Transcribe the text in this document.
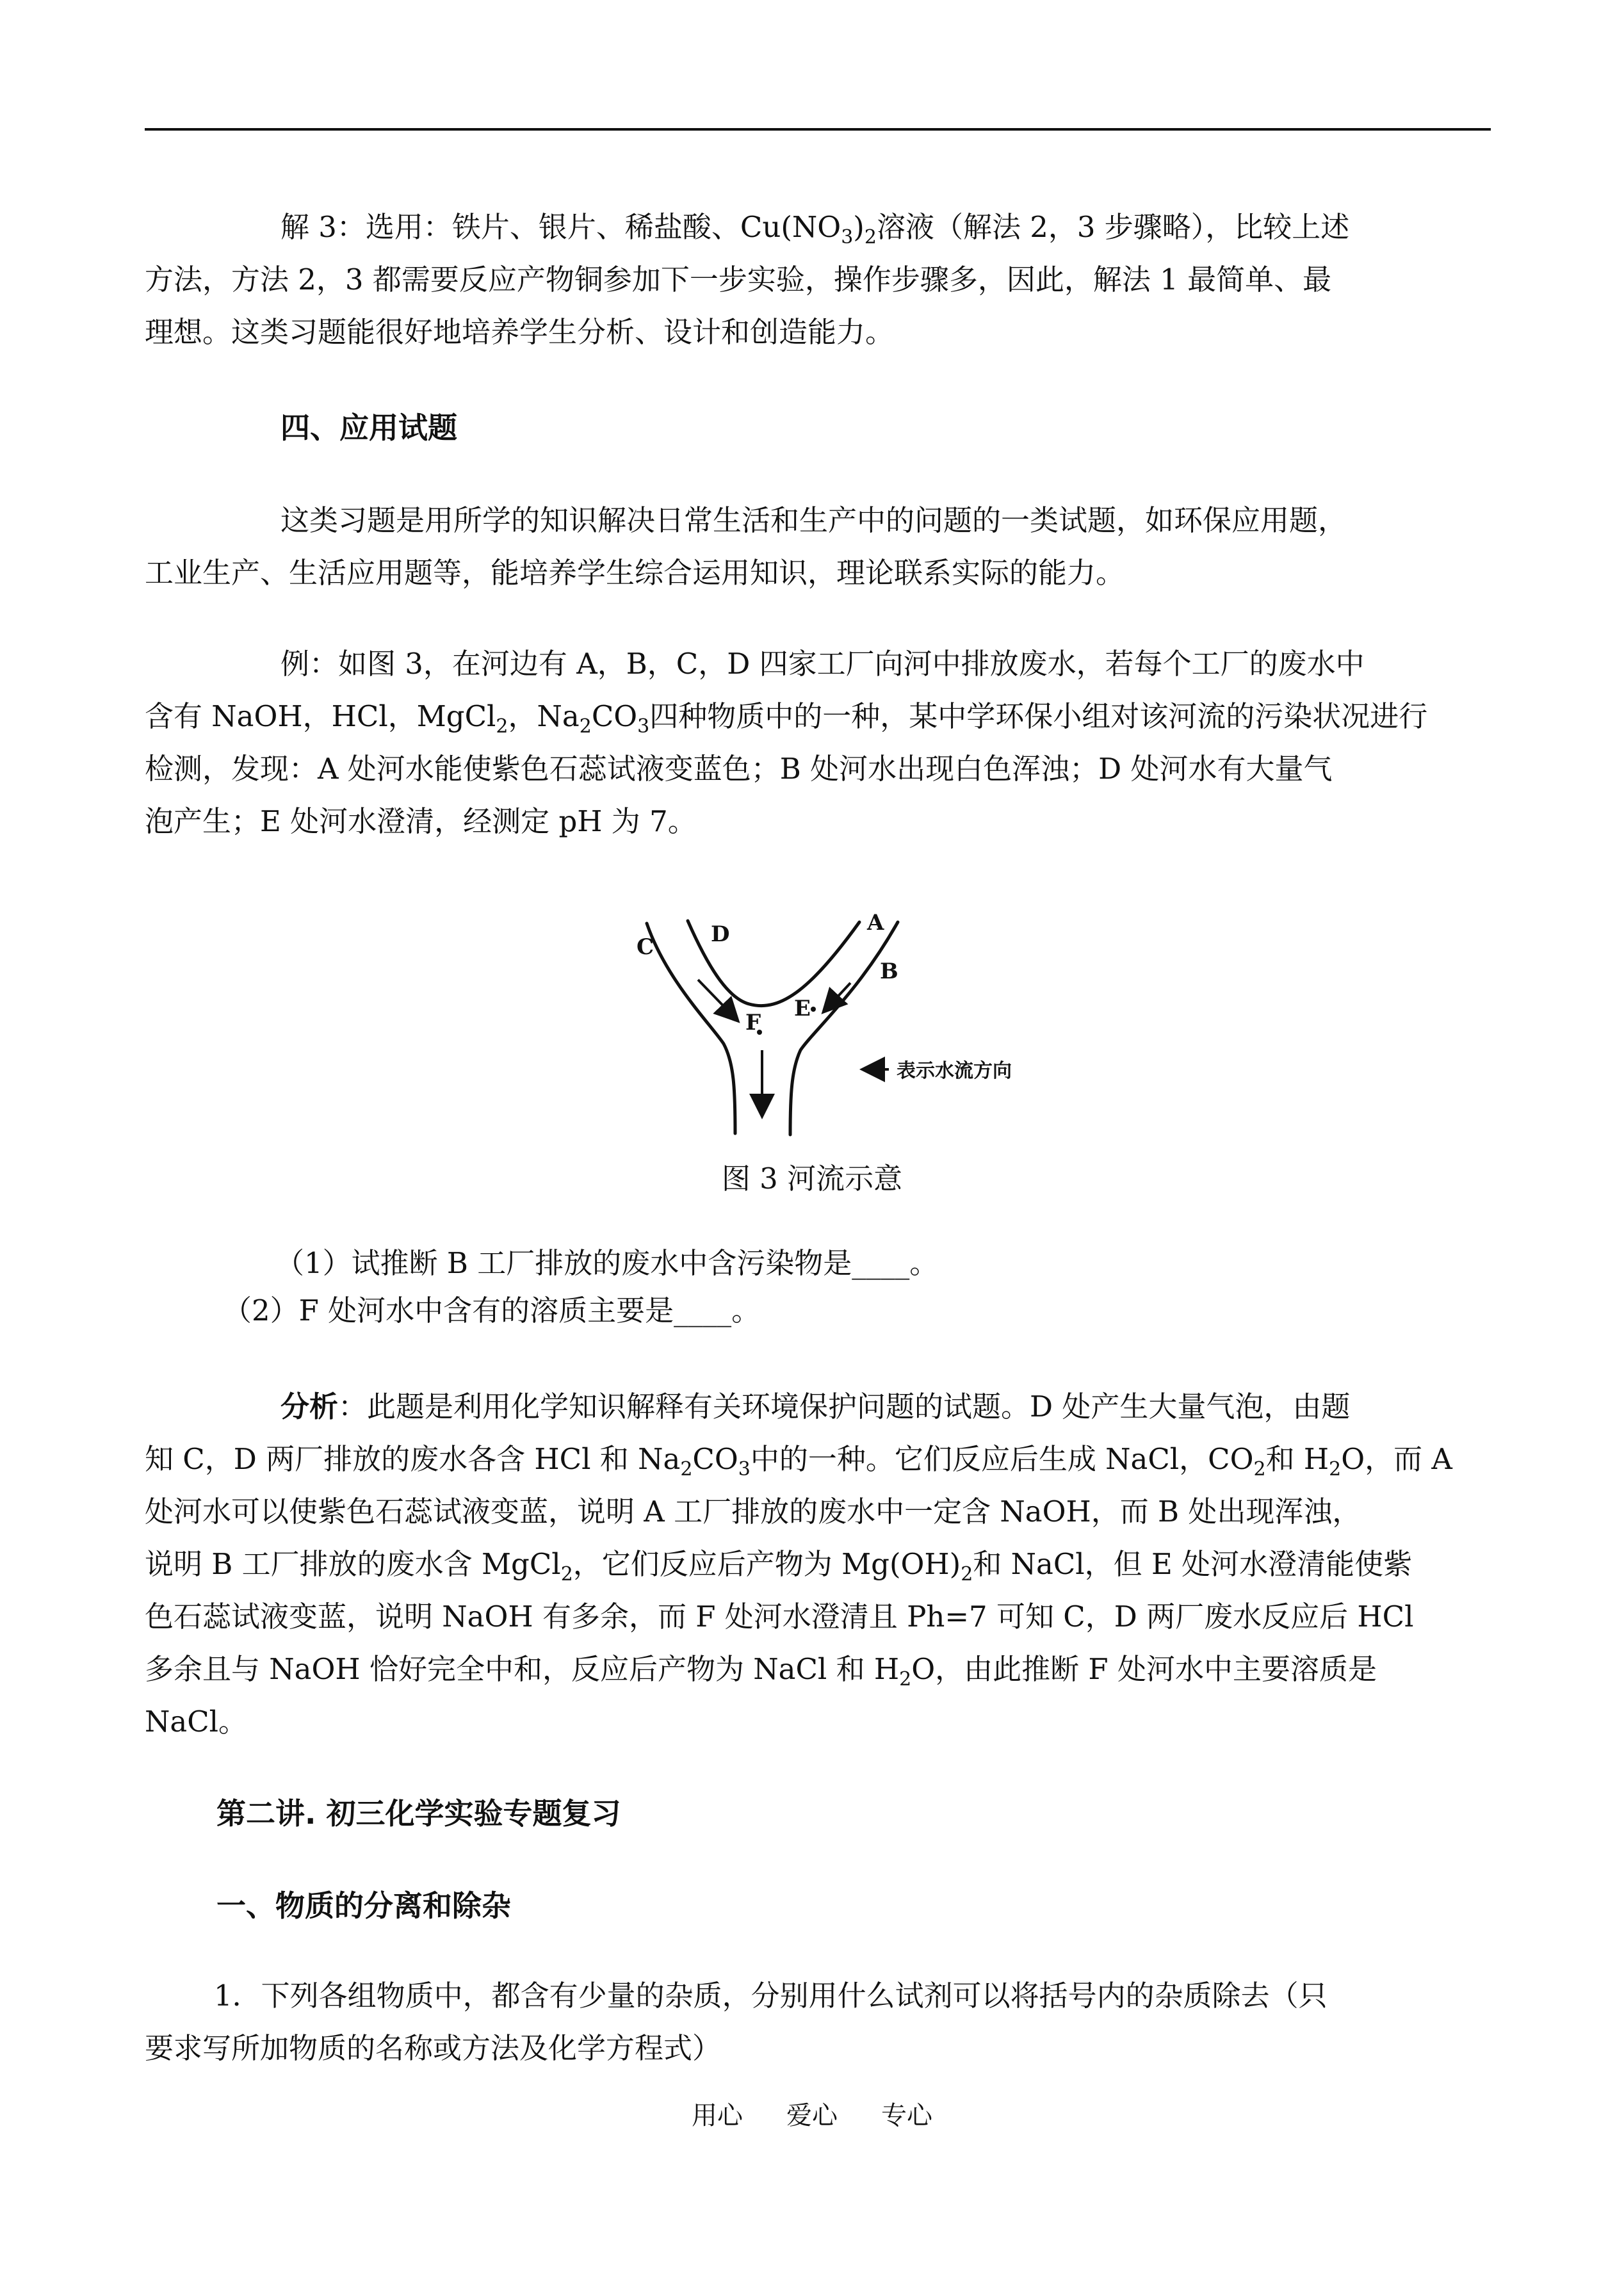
解 3：选用：铁片、银片、稀盐酸、$Cu(NO_3)_2$溶液（解法 2，3 步骤略），比较上述
方法，方法 2，3 都需要反应产物铜参加下一步实验，操作步骤多，因此，解法 1 最简单、最
理想。这类习题能很好地培养学生分析、设计和创造能力。
四、应用试题
这类习题是用所学的知识解决日常生活和生产中的问题的一类试题，如环保应用题，
工业生产、生活应用题等，能培养学生综合运用知识，理论联系实际的能力。
例：如图 3，在河边有 A，B，C，D 四家工厂向河中排放废水，若每个工厂的废水中
含有 NaOH，HCl，MgCl$_2$，$Na_2CO_3$四种物质中的一种，某中学环保小组对该河流的污染状况进行
检测，发现：A 处河水能使紫色石蕊试液变蓝色；B 处河水出现白色浑浊；D 处河水有大量气
泡产生；E 处河水澄清，经测定 pH 为 7。
C	D	A
B
E
F
表示水流方向
图 3 河流示意
（1）试推断 B 工厂排放的废水中含污染物是____。
（2）F 处河水中含有的溶质主要是____。
分析：此题是利用化学知识解释有关环境保护问题的试题。D 处产生大量气泡，由题
知 C，D 两厂排放的废水各含 HCl 和 $Na_2CO_3$中的一种。它们反应后生成 NaCl，$CO_2$和 $H_2O$，而 A
处河水可以使紫色石蕊试液变蓝，说明 A 工厂排放的废水中一定含 NaOH，而 B 处出现浑浊，
说明 B 工厂排放的废水含 MgCl$_2$，它们反应后产物为 $Mg(OH)_2$和 NaCl，但 E 处河水澄清能使紫
色石蕊试液变蓝，说明 NaOH 有多余，而 F 处河水澄清且 Ph=7 可知 C，D 两厂废水反应后 HCl
多余且与 NaOH 恰好完全中和，反应后产物为 NaCl 和 $H_2O$，由此推断 F 处河水中主要溶质是
NaCl。
第二讲. 初三化学实验专题复习
一、物质的分离和除杂
1．下列各组物质中，都含有少量的杂质，分别用什么试剂可以将括号内的杂质除去（只
要求写所加物质的名称或方法及化学方程式）
用心 爱心 专心
